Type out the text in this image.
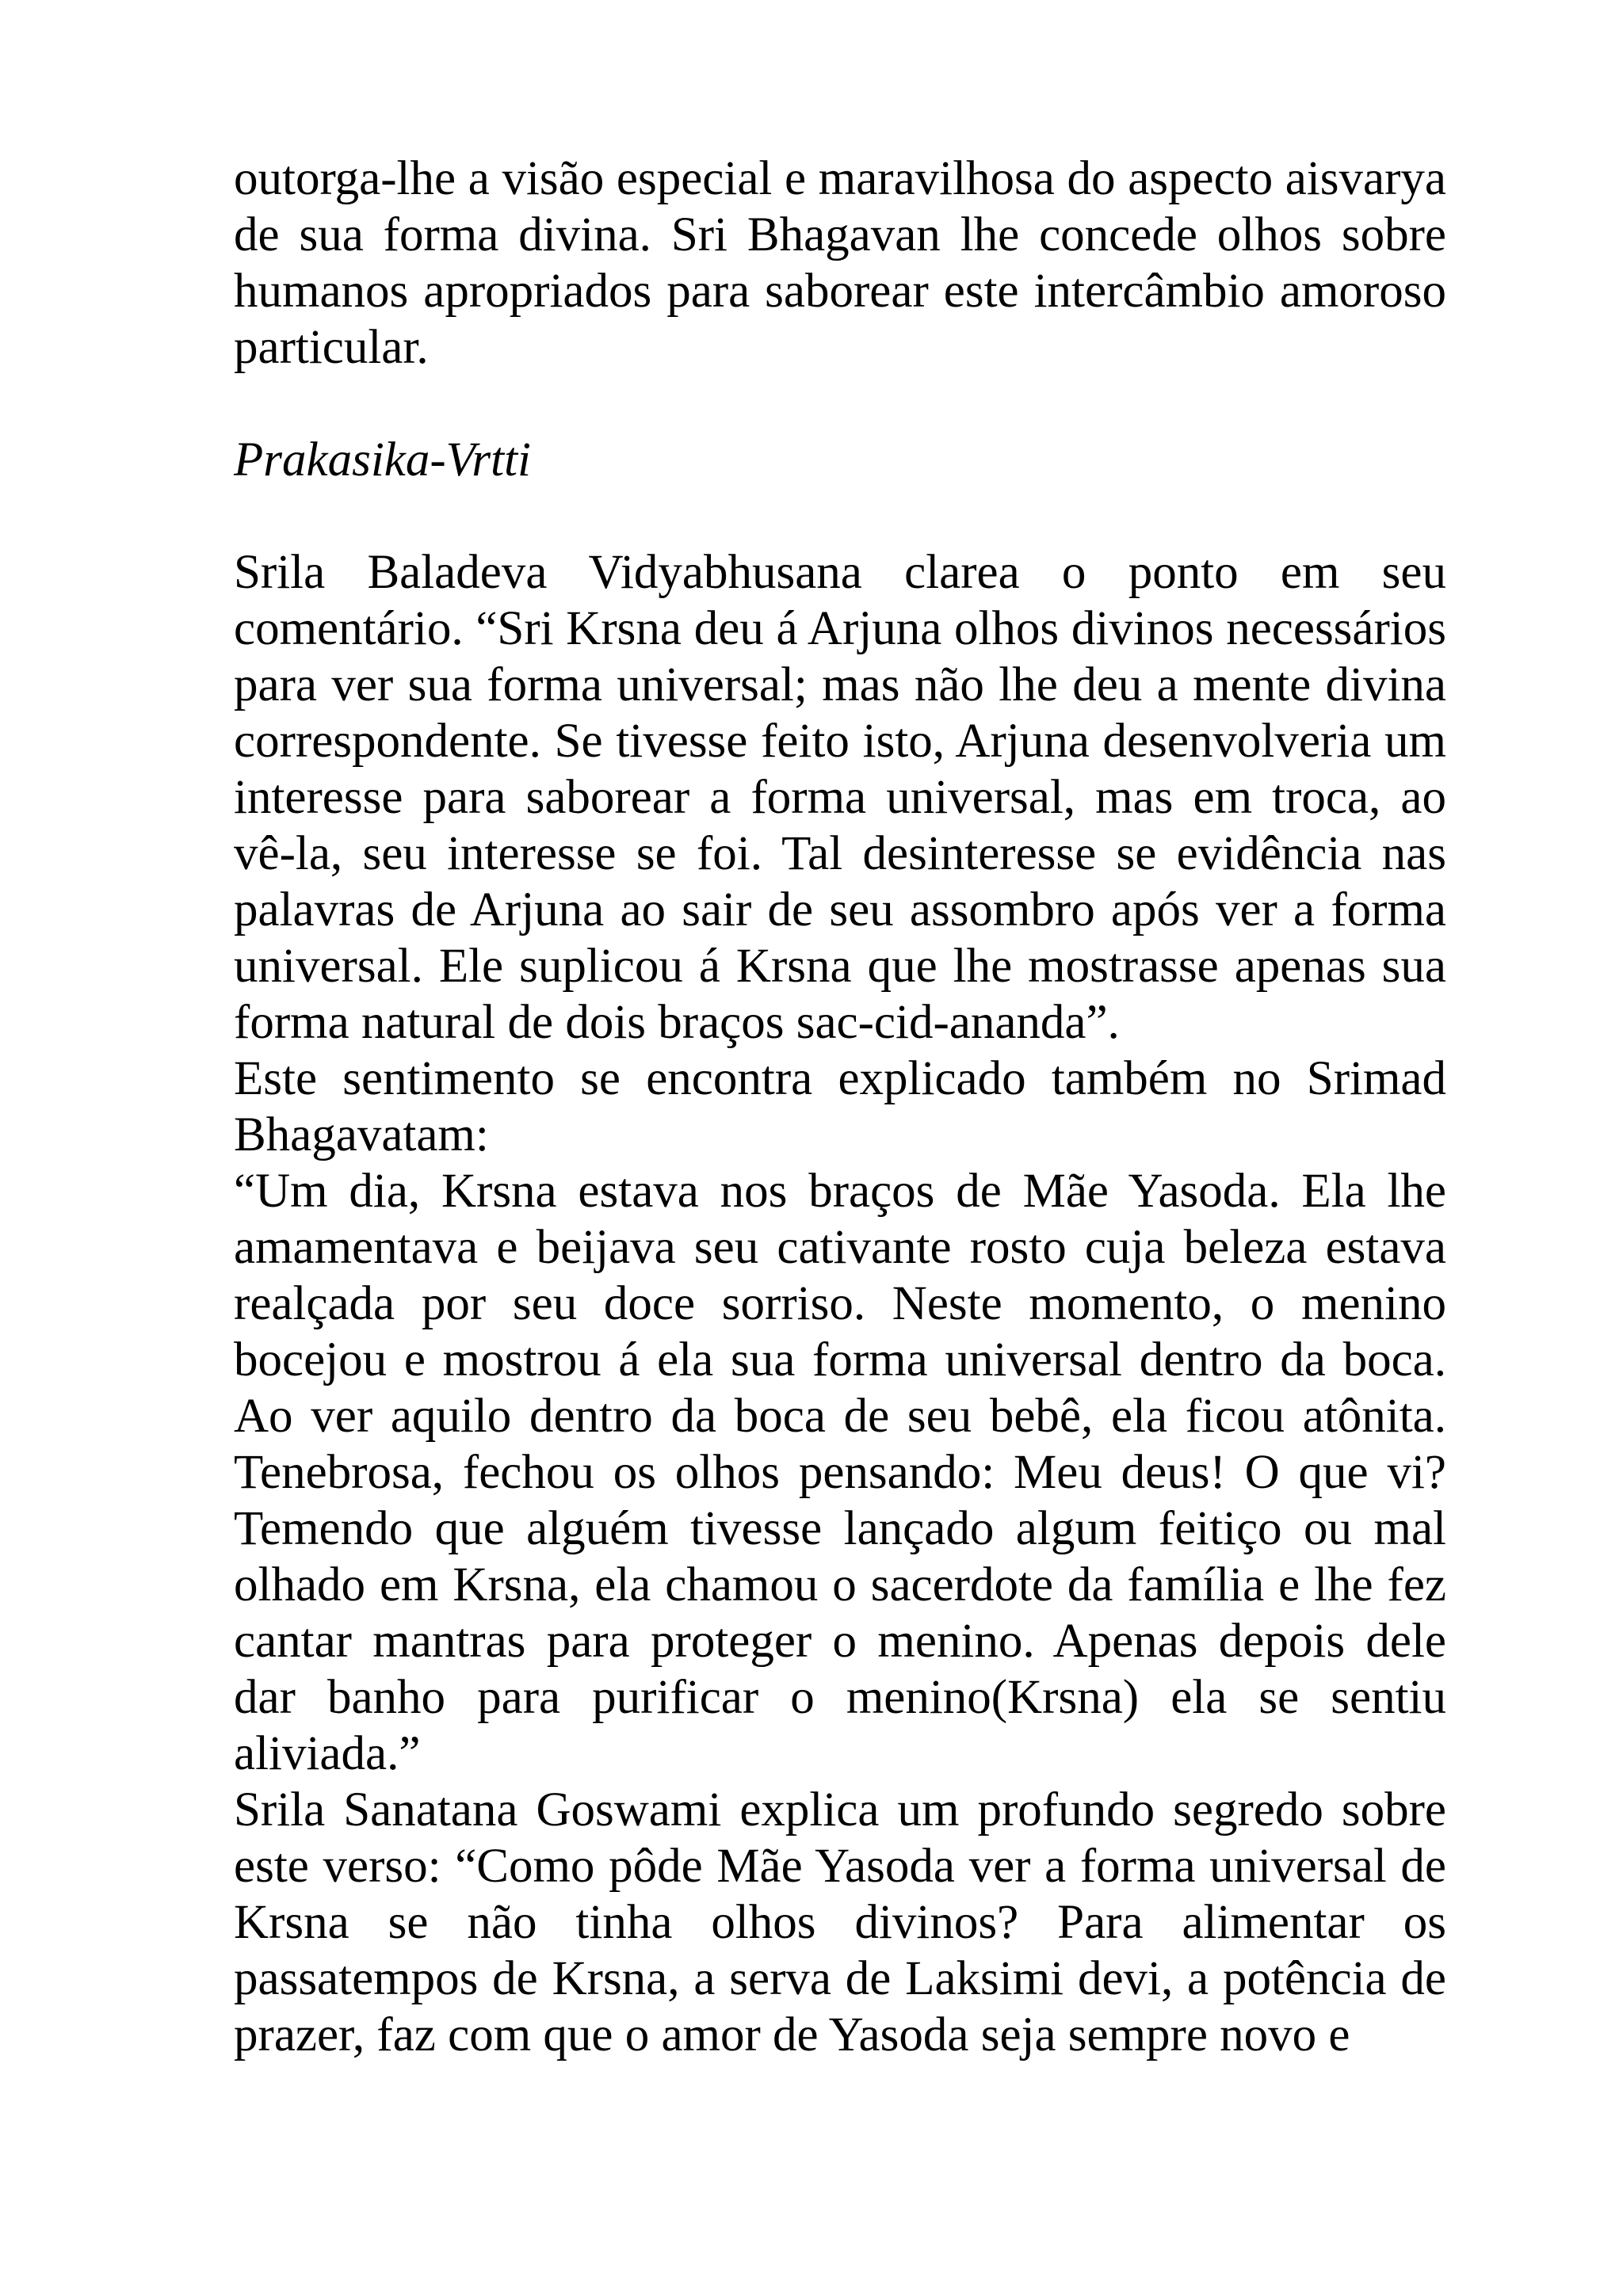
outorga-lhe a visão especial e maravilhosa do aspecto aisvarya de sua forma divina. Sri Bhagavan lhe concede olhos sobre humanos apropriados para saborear este intercâmbio amoroso particular.

Prakasika-Vrtti

Srila Baladeva Vidyabhusana clarea o ponto em seu comentário. “Sri Krsna deu á Arjuna olhos divinos necessários para ver sua forma universal; mas não lhe deu a mente divina correspondente. Se tivesse feito isto, Arjuna desenvolveria um interesse para saborear a forma universal, mas em troca, ao vê-la, seu interesse se foi. Tal desinteresse se evidência nas palavras de Arjuna ao sair de seu assombro após ver a forma universal. Ele suplicou á Krsna que lhe mostrasse apenas sua forma natural de dois braços sac-cid-ananda”.

Este sentimento se encontra explicado também no Srimad Bhagavatam:

“Um dia, Krsna estava nos braços de Mãe Yasoda. Ela lhe amamentava e beijava seu cativante rosto cuja beleza estava realçada por seu doce sorriso. Neste momento, o menino bocejou e mostrou á ela sua forma universal dentro da boca. Ao ver aquilo dentro da boca de seu bebê, ela ficou atônita. Tenebrosa, fechou os olhos pensando: Meu deus! O que vi? Temendo que alguém tivesse lançado algum feitiço ou mal olhado em Krsna, ela chamou o sacerdote da família e lhe fez cantar mantras para proteger o menino. Apenas depois dele dar banho para purificar o menino(Krsna) ela se sentiu aliviada.”

Srila Sanatana Goswami explica um profundo segredo sobre este verso: “Como pôde Mãe Yasoda ver a forma universal de Krsna se não tinha olhos divinos? Para alimentar os passatempos de Krsna, a serva de Laksimi devi, a potência de prazer, faz com que o amor de Yasoda seja sempre novo e
